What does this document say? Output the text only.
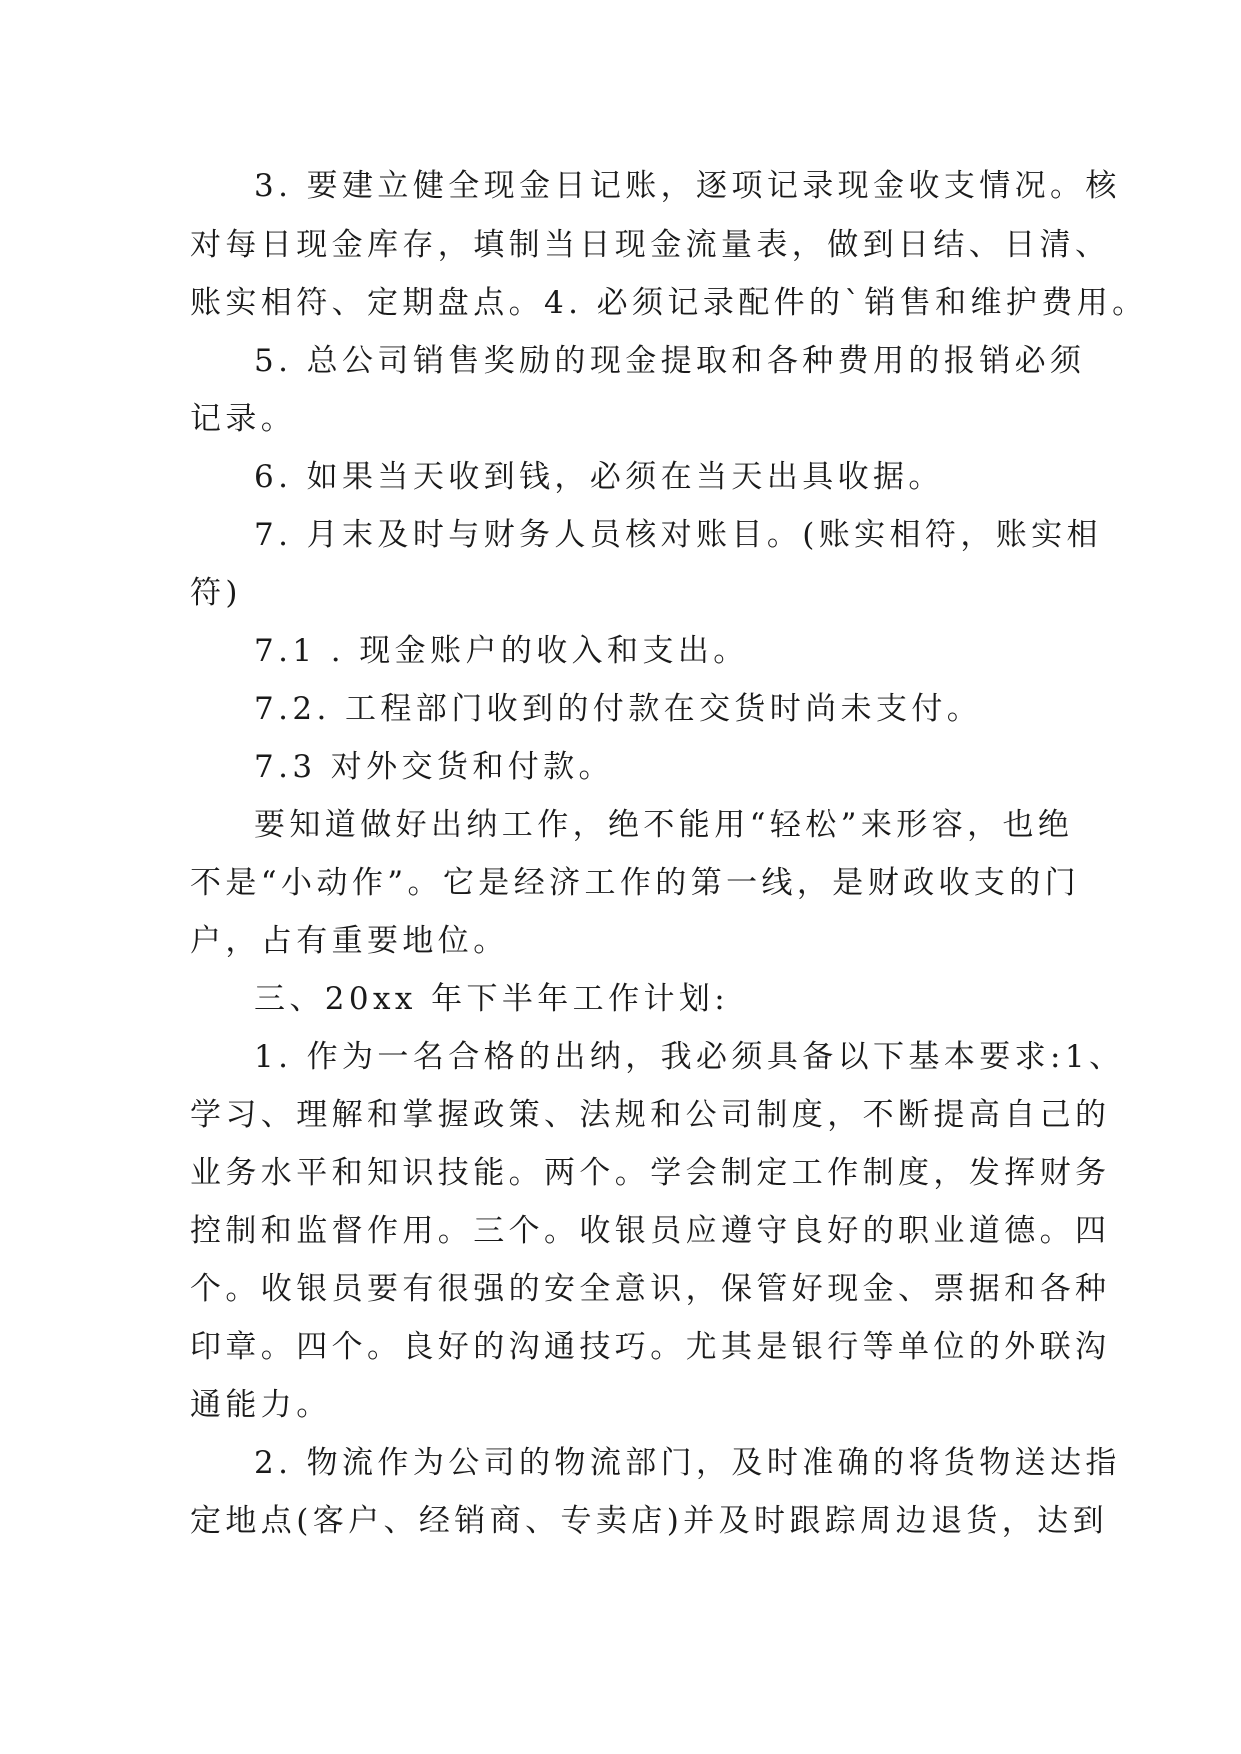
3. 要建立健全现金日记账，逐项记录现金收支情况。核

对每日现金库存，填制当日现金流量表，做到日结、日清、

账实相符、定期盘点。4. 必须记录配件的`销售和维护费用。

5. 总公司销售奖励的现金提取和各种费用的报销必须

记录。

6. 如果当天收到钱，必须在当天出具收据。

7. 月末及时与财务人员核对账目。(账实相符，账实相

符)

7.1 . 现金账户的收入和支出。

7.2. 工程部门收到的付款在交货时尚未支付。

7.3 对外交货和付款。

要知道做好出纳工作，绝不能用“轻松”来形容，也绝

不是“小动作”。它是经济工作的第一线，是财政收支的门

户，占有重要地位。

三、20xx 年下半年工作计划:

1. 作为一名合格的出纳，我必须具备以下基本要求:1、

学习、理解和掌握政策、法规和公司制度，不断提高自己的

业务水平和知识技能。两个。学会制定工作制度，发挥财务

控制和监督作用。三个。收银员应遵守良好的职业道德。四

个。收银员要有很强的安全意识，保管好现金、票据和各种

印章。四个。良好的沟通技巧。尤其是银行等单位的外联沟

通能力。

2. 物流作为公司的物流部门，及时准确的将货物送达指

定地点(客户、经销商、专卖店)并及时跟踪周边退货，达到
